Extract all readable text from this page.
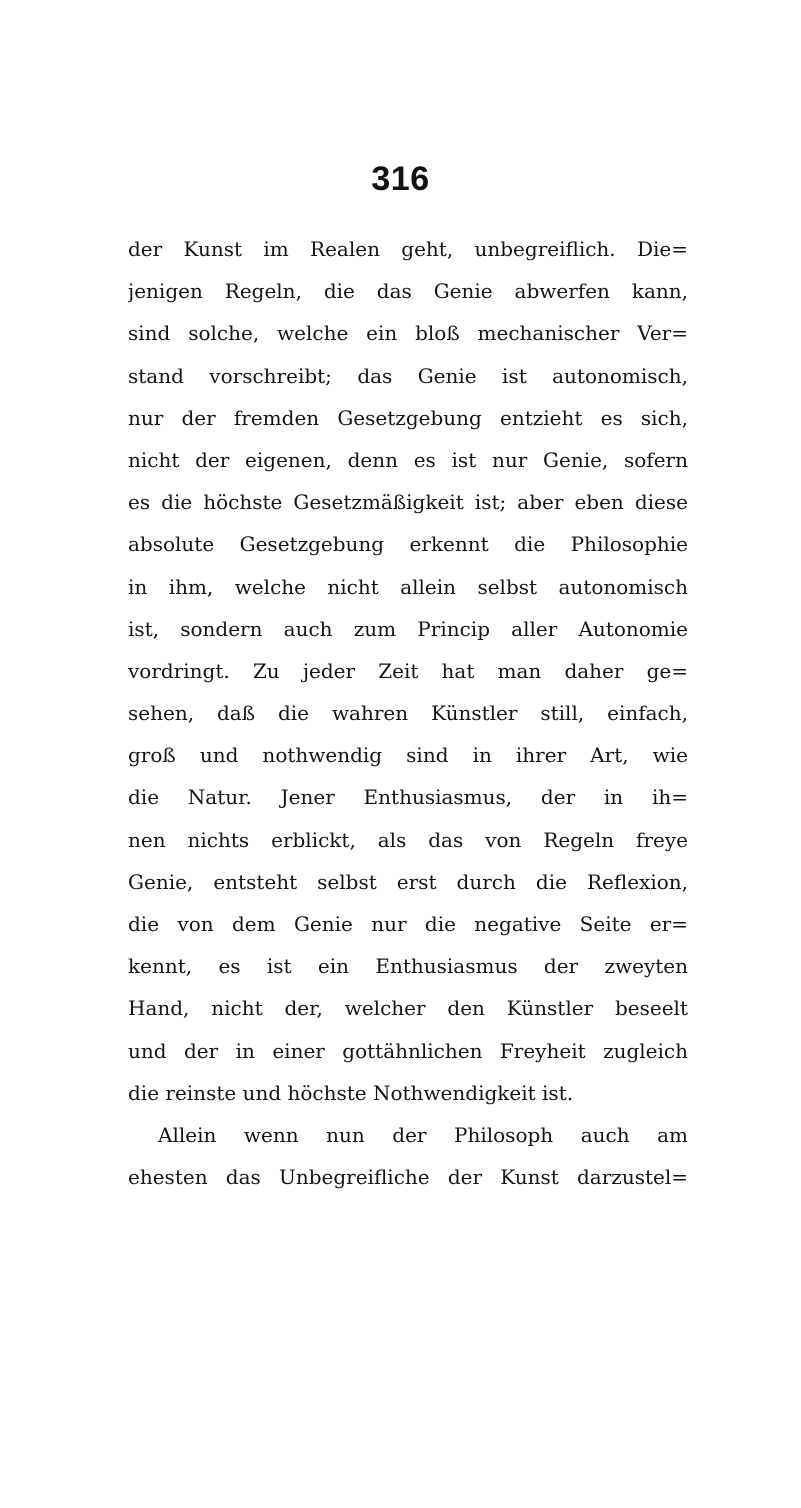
316
der Kunst im Realen geht, unbegreiflich. Die=
jenigen Regeln, die das Genie abwerfen kann,
sind solche, welche ein bloß mechanischer Ver=
stand vorschreibt; das Genie ist autonomisch,
nur der fremden Gesetzgebung entzieht es sich,
nicht der eigenen, denn es ist nur Genie, sofern
es die höchste Gesetzmäßigkeit ist; aber eben diese
absolute Gesetzgebung erkennt die Philosophie
in ihm, welche nicht allein selbst autonomisch
ist, sondern auch zum Princip aller Autonomie
vordringt. Zu jeder Zeit hat man daher ge=
sehen, daß die wahren Künstler still, einfach,
groß und nothwendig sind in ihrer Art, wie
die Natur. Jener Enthusiasmus, der in ih=
nen nichts erblickt, als das von Regeln freye
Genie, entsteht selbst erst durch die Reflexion,
die von dem Genie nur die negative Seite er=
kennt, es ist ein Enthusiasmus der zweyten
Hand, nicht der, welcher den Künstler beseelt
und der in einer gottähnlichen Freyheit zugleich
die reinste und höchste Nothwendigkeit ist.
Allein wenn nun der Philosoph auch am
ehesten das Unbegreifliche der Kunst darzustel=
